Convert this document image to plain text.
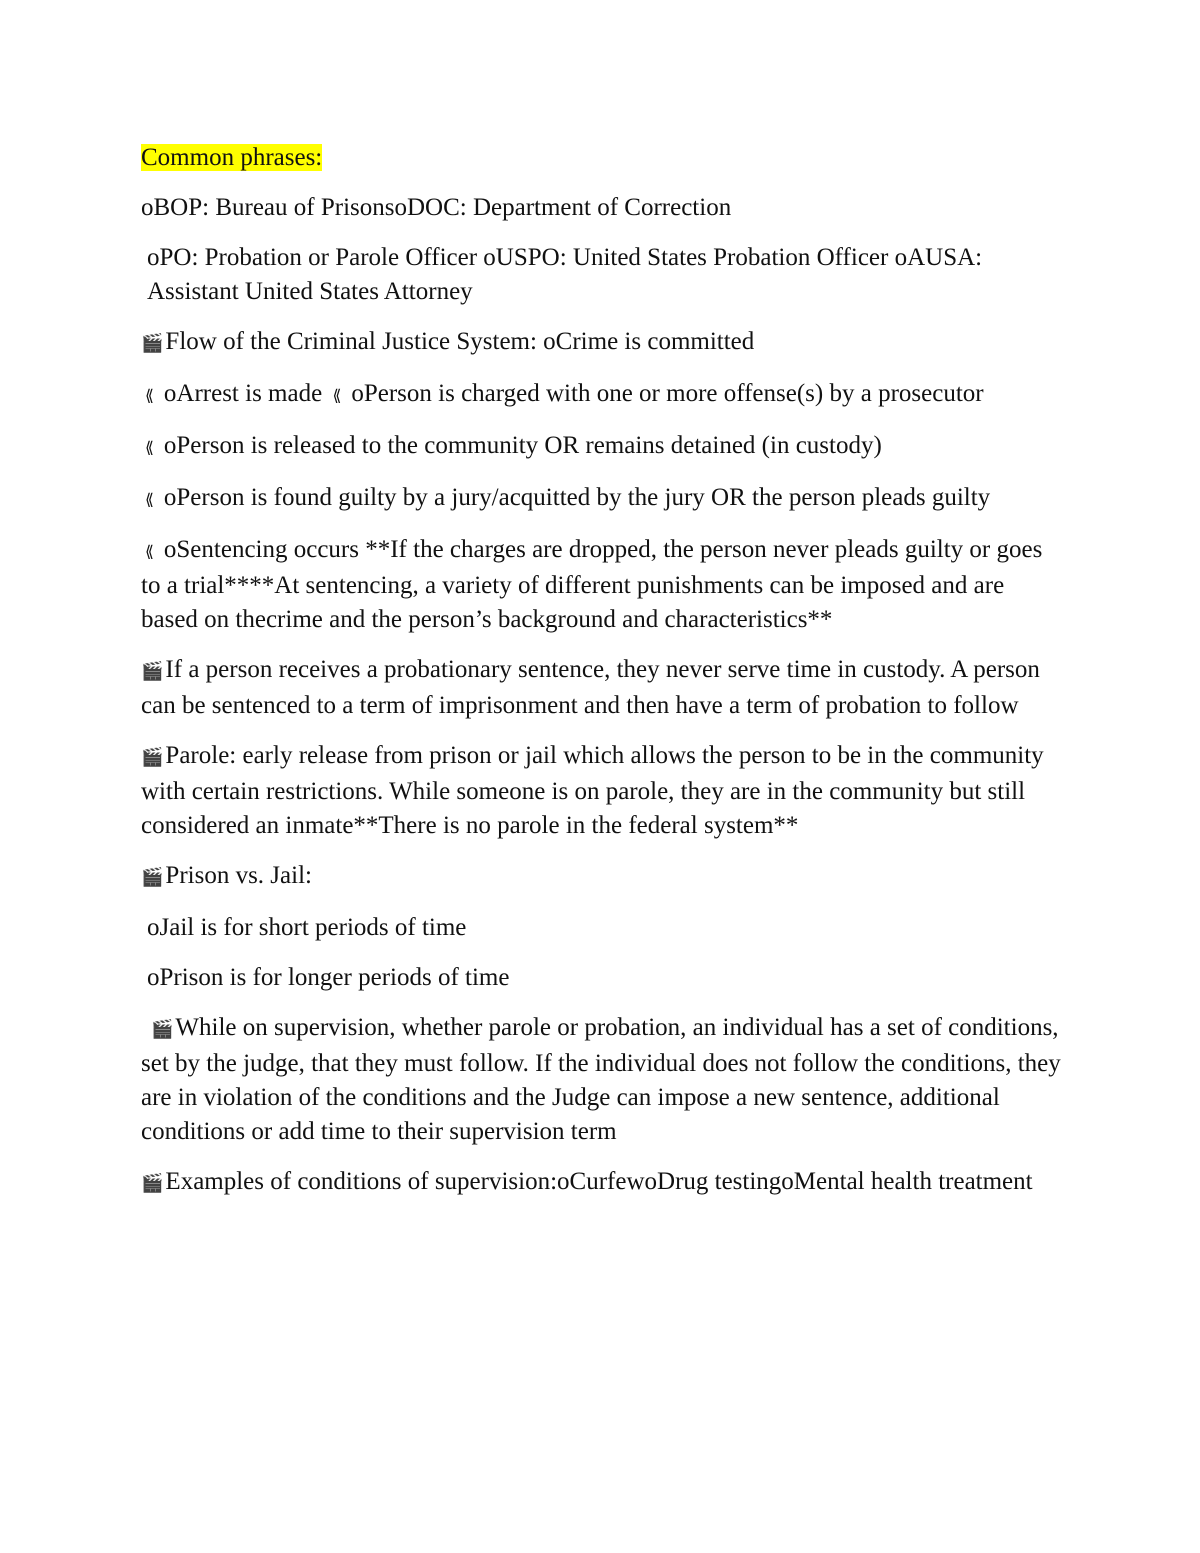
Common phrases:

oBOP: Bureau of PrisonsoDOC: Department of Correction

oPO: Probation or Parole Officer oUSPO: United States Probation Officer oAUSA: Assistant United States Attorney

🎬Flow of the Criminal Justice System: oCrime is committed

⟪ oArrest is made ⟪ oPerson is charged with one or more offense(s) by a prosecutor

⟪ oPerson is released to the community OR remains detained (in custody)

⟪ oPerson is found guilty by a jury/acquitted by the jury OR the person pleads guilty

⟪ oSentencing occurs **If the charges are dropped, the person never pleads guilty or goes to a trial****At sentencing, a variety of different punishments can be imposed and are based on thecrime and the person’s background and characteristics**

🎬If a person receives a probationary sentence, they never serve time in custody. A person can be sentenced to a term of imprisonment and then have a term of probation to follow

🎬Parole: early release from prison or jail which allows the person to be in the community with certain restrictions. While someone is on parole, they are in the community but still considered an inmate**There is no parole in the federal system**

🎬Prison vs. Jail:

oJail is for short periods of time

oPrison is for longer periods of time

🎬While on supervision, whether parole or probation, an individual has a set of conditions, set by the judge, that they must follow. If the individual does not follow the conditions, they are in violation of the conditions and the Judge can impose a new sentence, additional conditions or add time to their supervision term

🎬Examples of conditions of supervision:oCurfewoDrug testingoMental health treatment
